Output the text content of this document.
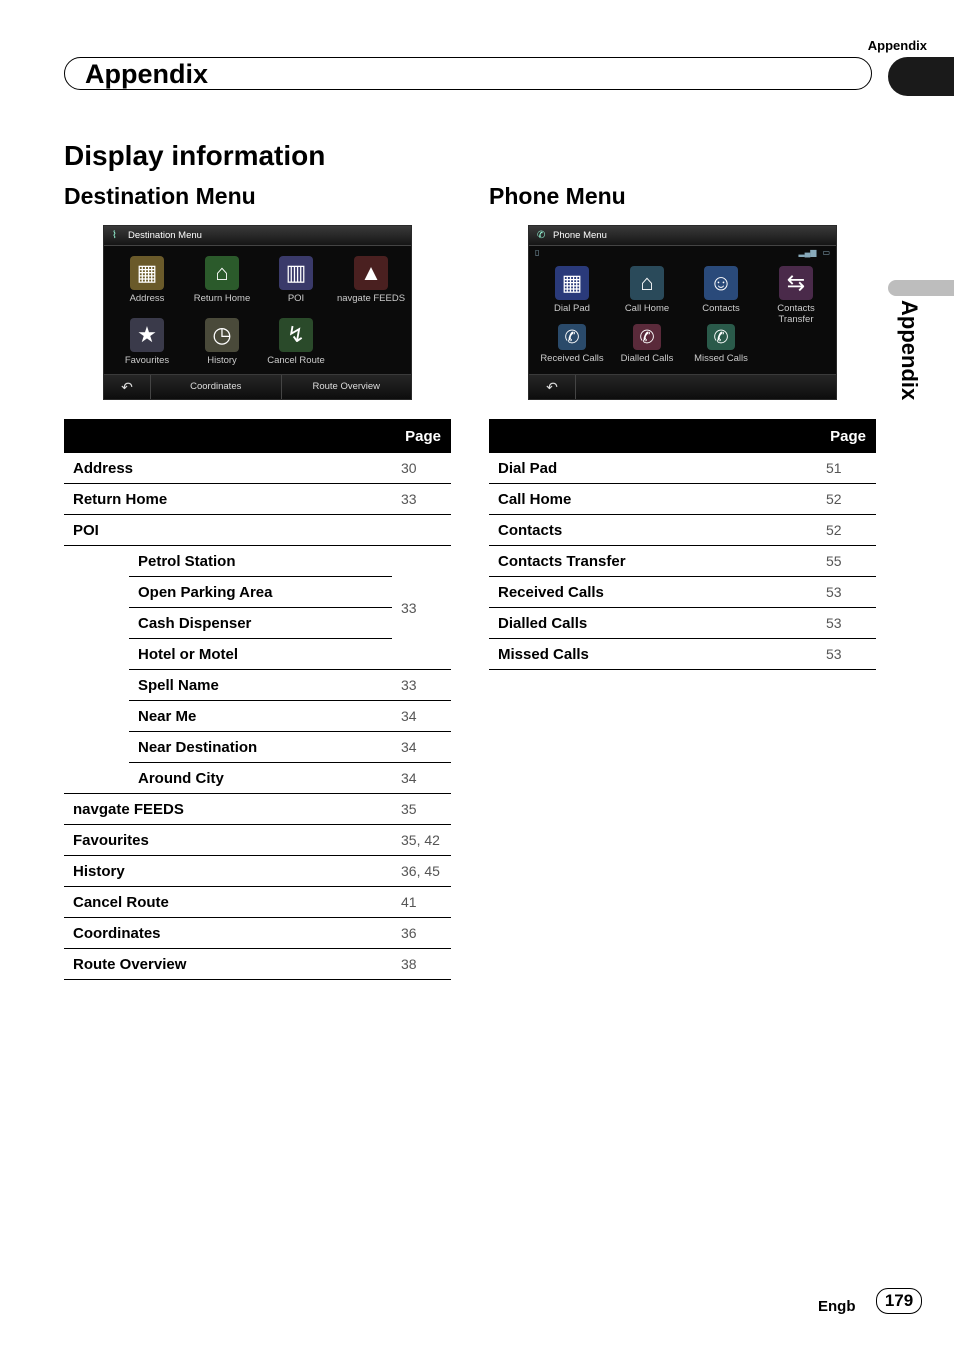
Appendix
Appendix
Appendix
Display information
Destination Menu	Phone Menu
⌇	Destination Menu
▦
Address
⌂
Return Home
▥
POI
▲
navgate FEEDS
★
Favourites
◷
History
↯
Cancel Route
↶	Coordinates	Route Overview
✆ Phone Menu
▯	▂▄▆ ▭
▦
Dial Pad
⌂
Call Home
☺
Contacts
⇆
Contacts Transfer
✆
Received Calls
✆
Dialled Calls
✆
Missed Calls
↶
Page		
Address		30
Return Home		33
POI		
	Petrol Station	33
	Open Parking Area	
	Cash Dispenser	
	Hotel or Motel	
	Spell Name	33
	Near Me	34
	Near Destination	34
	Around City	34
navgate FEEDS		35
Favourites		35, 42
History		36, 45
Cancel Route		41
Coordinates		36
Route Overview		38
Page	
Dial Pad	51
Call Home	52
Contacts	52
Contacts Transfer	55
Received Calls	53
Dialled Calls	53
Missed Calls	53
Engb	179
